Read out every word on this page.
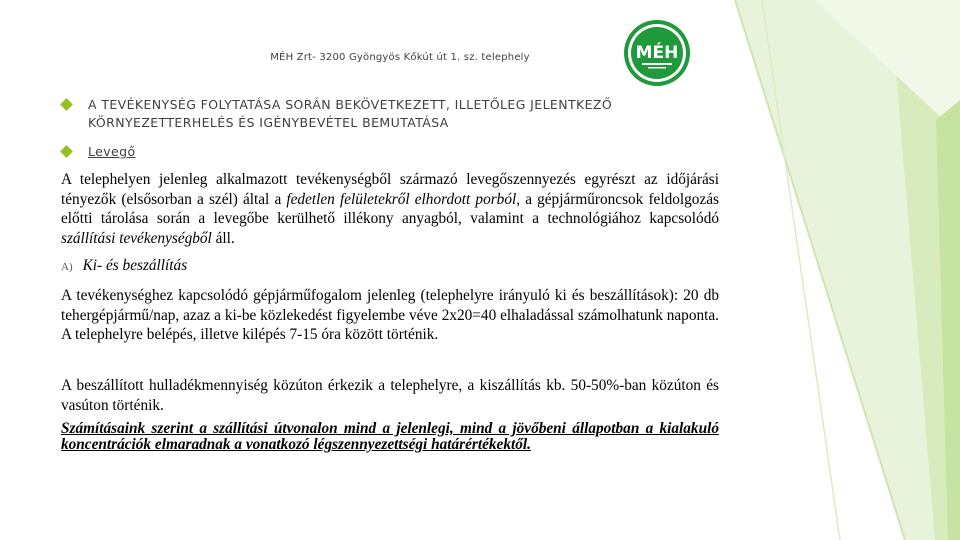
MÉH Zrt- 3200 Gyöngyös Kőkút út 1. sz. telephely	MÉH
A TEVÉKENYSÉG FOLYTATÁSA SORÁN BEKÖVETKEZETT, ILLETŐLEG JELENTKEZŐ
KÖRNYEZETTERHELÉS ÉS IGÉNYBEVÉTEL BEMUTATÁSA
Levegő
A telephelyen jelenleg alkalmazott tevékenységből származó levegőszennyezés egyrészt az időjárási tényezők (elsősorban a szél) által a fedetlen felületekről elhordott porból, a gépjárműroncsok feldolgozás előtti tárolása során a levegőbe kerülhető illékony anyagból, valamint a technológiához kapcsolódó szállítási tevékenységből áll.
A) Ki- és beszállítás
A tevékenységhez kapcsolódó gépjárműfogalom jelenleg (telephelyre irányuló ki és beszállítások): 20 db tehergépjármű/nap, azaz a ki-be közlekedést figyelembe véve 2x20=40 elhaladással számolhatunk naponta. A telephelyre belépés, illetve kilépés 7-15 óra között történik.
A beszállított hulladékmennyiség közúton érkezik a telephelyre, a kiszállítás kb. 50-50%-ban közúton és vasúton történik.
Számításaink szerint a szállítási útvonalon mind a jelenlegi, mind a jövőbeni állapotban a kialakuló koncentrációk elmaradnak a vonatkozó légszennyezettségi határértékektől.
